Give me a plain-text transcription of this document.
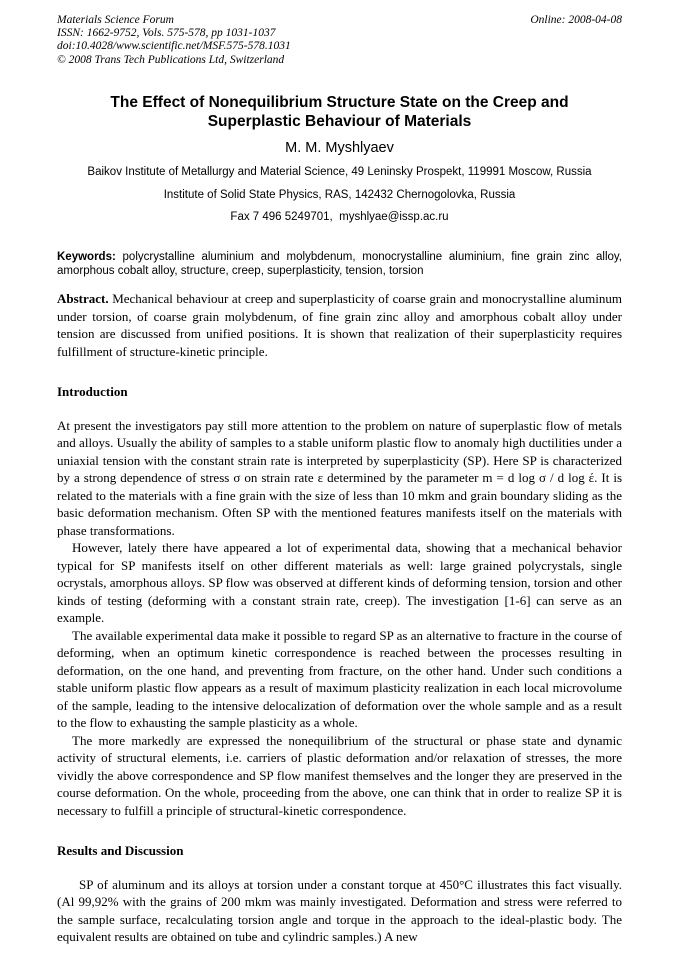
Materials Science Forum

ISSN: 1662-9752, Vols. 575-578, pp 1031-1037

doi:10.4028/www.scientific.net/MSF.575-578.1031

© 2008 Trans Tech Publications Ltd, Switzerland

Online: 2008-04-08
The Effect of Nonequilibrium Structure State on the Creep and Superplastic Behaviour of Materials
M. M. Myshlyaev
Baikov Institute of Metallurgy and Material Science, 49 Leninsky Prospekt, 119991 Moscow, Russia
Institute of Solid State Physics, RAS, 142432 Chernogolovka, Russia
Fax 7 496 5249701,  myshlyae@issp.ac.ru

Keywords: polycrystalline aluminium and molybdenum, monocrystalline aluminium, fine grain zinc alloy, amorphous cobalt alloy, structure, creep, superplasticity, tension, torsion

Abstract. Mechanical behaviour at creep and superplasticity of coarse grain and monocrystalline aluminum under torsion, of coarse grain molybdenum, of fine grain zinc alloy and amorphous cobalt alloy under tension are discussed from unified positions. It is shown that realization of their superplasticity requires fulfillment of structure-kinetic principle.

Introduction

At present the investigators pay still more attention to the problem on nature of superplastic flow of metals and alloys. Usually the ability of samples to a stable uniform plastic flow to anomaly high ductilities under a uniaxial tension with the constant strain rate is interpreted by superplasticity (SP). Here SP is characterized by a strong dependence of stress σ on strain rate ε determined by the parameter m = d log σ / d log έ. It is related to the materials with a fine grain with the size of less than 10 mkm and grain boundary sliding as the basic deformation mechanism. Often SP with the mentioned features manifests itself on the materials with phase transformations.

However, lately there have appeared a lot of experimental data, showing that a mechanical behavior typical for SP manifests itself on other different materials as well: large grained polycrystals, single ocrystals, amorphous alloys. SP flow was observed at different kinds of deforming tension, torsion and other kinds of testing (deforming with a constant strain rate, creep). The investigation [1-6] can serve as an example.

The available experimental data make it possible to regard SP as an alternative to fracture in the course of deforming, when an optimum kinetic correspondence is reached between the processes resulting in deformation, on the one hand, and preventing from fracture, on the other hand. Under such conditions a stable uniform plastic flow appears as a result of maximum plasticity realization in each local microvolume of the sample, leading to the intensive delocalization of deformation over the whole sample and as a result to the flow to exhausting the sample plasticity as a whole.

The more markedly are expressed the nonequilibrium of the structural or phase state and dynamic activity of structural elements, i.e. carriers of plastic deformation and/or relaxation of stresses, the more vividly the above correspondence and SP flow manifest themselves and the longer they are preserved in the course deformation. On the whole, proceeding from the above, one can think that in order to realize SP it is necessary to fulfill a principle of structural-kinetic correspondence.

Results and Discussion

SP of aluminum and its alloys at torsion under a constant torque at 450°C illustrates this fact visually. (Al 99,92% with the grains of 200 mkm was mainly investigated. Deformation and stress were referred to the sample surface, recalculating torsion angle and torque in the approach to the ideal-plastic body. The equivalent results are obtained on tube and cylindric samples.) A new
